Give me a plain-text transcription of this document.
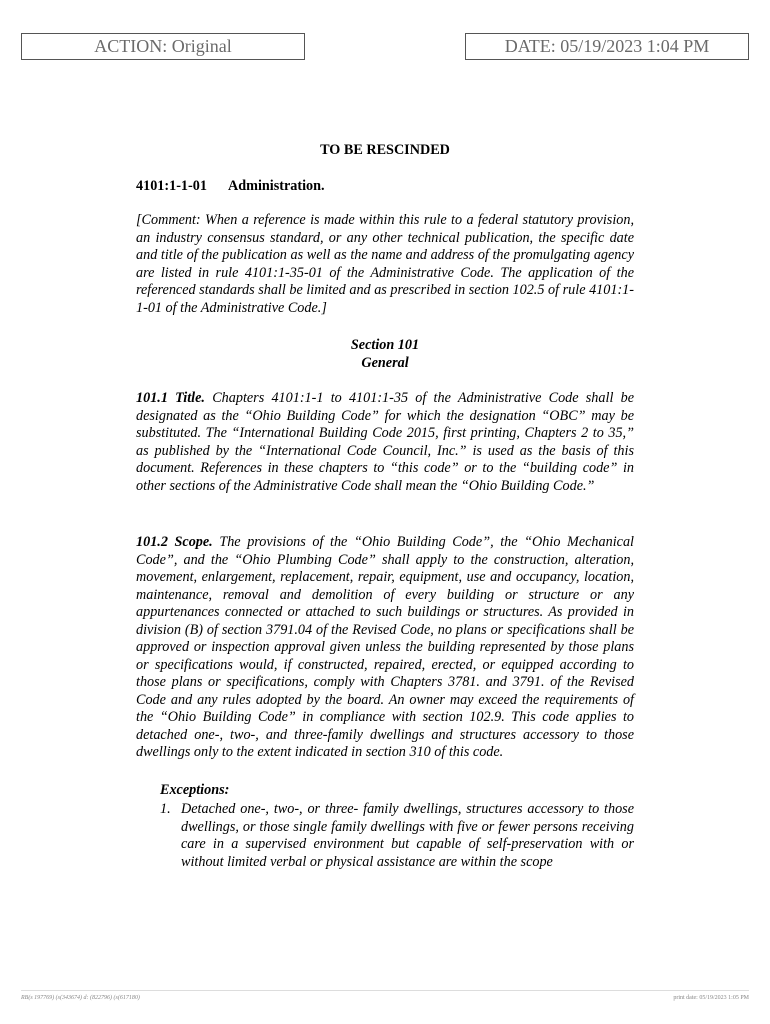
ACTION: Original	DATE: 05/19/2023 1:04 PM
TO BE RESCINDED
4101:1-1-01 Administration.
[Comment: When a reference is made within this rule to a federal statutory provision, an industry consensus standard, or any other technical publication, the specific date and title of the publication as well as the name and address of the promulgating agency are listed in rule 4101:1-35-01 of the Administrative Code. The application of the referenced standards shall be limited and as prescribed in section 102.5 of rule 4101:1-1-01 of the Administrative Code.]
Section 101
General
101.1 Title. Chapters 4101:1-1 to 4101:1-35 of the Administrative Code shall be designated as the “Ohio Building Code” for which the designation “OBC” may be substituted. The “International Building Code 2015, first printing, Chapters 2 to 35,” as published by the “International Code Council, Inc.” is used as the basis of this document. References in these chapters to “this code” or to the “building code” in other sections of the Administrative Code shall mean the “Ohio Building Code.”
101.2 Scope. The provisions of the “Ohio Building Code”, the “Ohio Mechanical Code”, and the “Ohio Plumbing Code” shall apply to the construction, alteration, movement, enlargement, replacement, repair, equipment, use and occupancy, location, maintenance, removal and demolition of every building or structure or any appurtenances connected or attached to such buildings or structures. As provided in division (B) of section 3791.04 of the Revised Code, no plans or specifications shall be approved or inspection approval given unless the building represented by those plans or specifications would, if constructed, repaired, erected, or equipped according to those plans or specifications, comply with Chapters 3781. and 3791. of the Revised Code and any rules adopted by the board. An owner may exceed the requirements of the “Ohio Building Code” in compliance with section 102.9. This code applies to detached one-, two-, and three-family dwellings and structures accessory to those dwellings only to the extent indicated in section 310 of this code.
Exceptions:
1. Detached one-, two-, or three- family dwellings, structures accessory to those dwellings, or those single family dwellings with five or fewer persons receiving care in a supervised environment but capable of self-preservation with or without limited verbal or physical assistance are within the scope
RB(s 197769) (s(343674) d: (822796) (s(617180)	print date: 05/19/2023 1:05 PM
